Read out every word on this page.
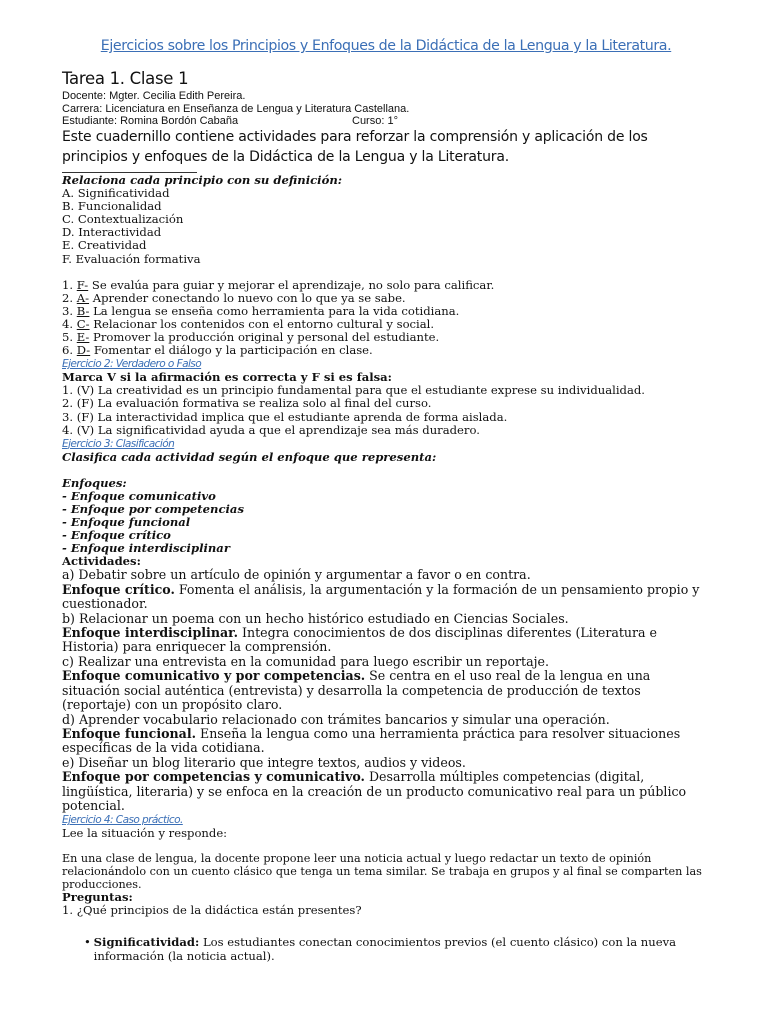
Ejercicios sobre los Principios y Enfoques de la Didáctica de la Lengua y la Literatura.
Tarea 1. Clase 1
Docente: Mgter. Cecilia Edith Pereira.
Carrera: Licenciatura en Enseñanza de Lengua y Literatura Castellana.
Estudiante: Romina Bordón Cabaña	Curso: 1°
Este cuadernillo contiene actividades para reforzar la comprensión y aplicación de los principios y enfoques de la Didáctica de la Lengua y la Literatura.
Relaciona cada principio con su definición:
A. Significatividad
B. Funcionalidad
C. Contextualización
D. Interactividad
E. Creatividad
F. Evaluación formativa
1. F- Se evalúa para guiar y mejorar el aprendizaje, no solo para calificar.
2. A- Aprender conectando lo nuevo con lo que ya se sabe.
3. B- La lengua se enseña como herramienta para la vida cotidiana.
4. C- Relacionar los contenidos con el entorno cultural y social.
5. E- Promover la producción original y personal del estudiante.
6. D- Fomentar el diálogo y la participación en clase.
Ejercicio 2: Verdadero o Falso
Marca V si la afirmación es correcta y F si es falsa:
1. (V) La creatividad es un principio fundamental para que el estudiante exprese su individualidad.
2. (F) La evaluación formativa se realiza solo al final del curso.
3. (F) La interactividad implica que el estudiante aprenda de forma aislada.
4. (V) La significatividad ayuda a que el aprendizaje sea más duradero.
Ejercicio 3: Clasificación
Clasifica cada actividad según el enfoque que representa:
Enfoques:
- Enfoque comunicativo
- Enfoque por competencias
- Enfoque funcional
- Enfoque crítico
- Enfoque interdisciplinar
Actividades:
a) Debatir sobre un artículo de opinión y argumentar a favor o en contra.
Enfoque crítico. Fomenta el análisis, la argumentación y la formación de un pensamiento propio y cuestionador.
b) Relacionar un poema con un hecho histórico estudiado en Ciencias Sociales.
Enfoque interdisciplinar. Integra conocimientos de dos disciplinas diferentes (Literatura e Historia) para enriquecer la comprensión.
c) Realizar una entrevista en la comunidad para luego escribir un reportaje.
Enfoque comunicativo y por competencias. Se centra en el uso real de la lengua en una situación social auténtica (entrevista) y desarrolla la competencia de producción de textos (reportaje) con un propósito claro.
d) Aprender vocabulario relacionado con trámites bancarios y simular una operación.
Enfoque funcional. Enseña la lengua como una herramienta práctica para resolver situaciones específicas de la vida cotidiana.
e) Diseñar un blog literario que integre textos, audios y videos.
Enfoque por competencias y comunicativo. Desarrolla múltiples competencias (digital, lingüística, literaria) y se enfoca en la creación de un producto comunicativo real para un público potencial.
Ejercicio 4: Caso práctico.
Lee la situación y responde:
En una clase de lengua, la docente propone leer una noticia actual y luego redactar un texto de opinión relacionándolo con un cuento clásico que tenga un tema similar. Se trabaja en grupos y al final se comparten las producciones.
Preguntas:
1. ¿Qué principios de la didáctica están presentes?
• Significatividad: Los estudiantes conectan conocimientos previos (el cuento clásico) con la nueva información (la noticia actual).
